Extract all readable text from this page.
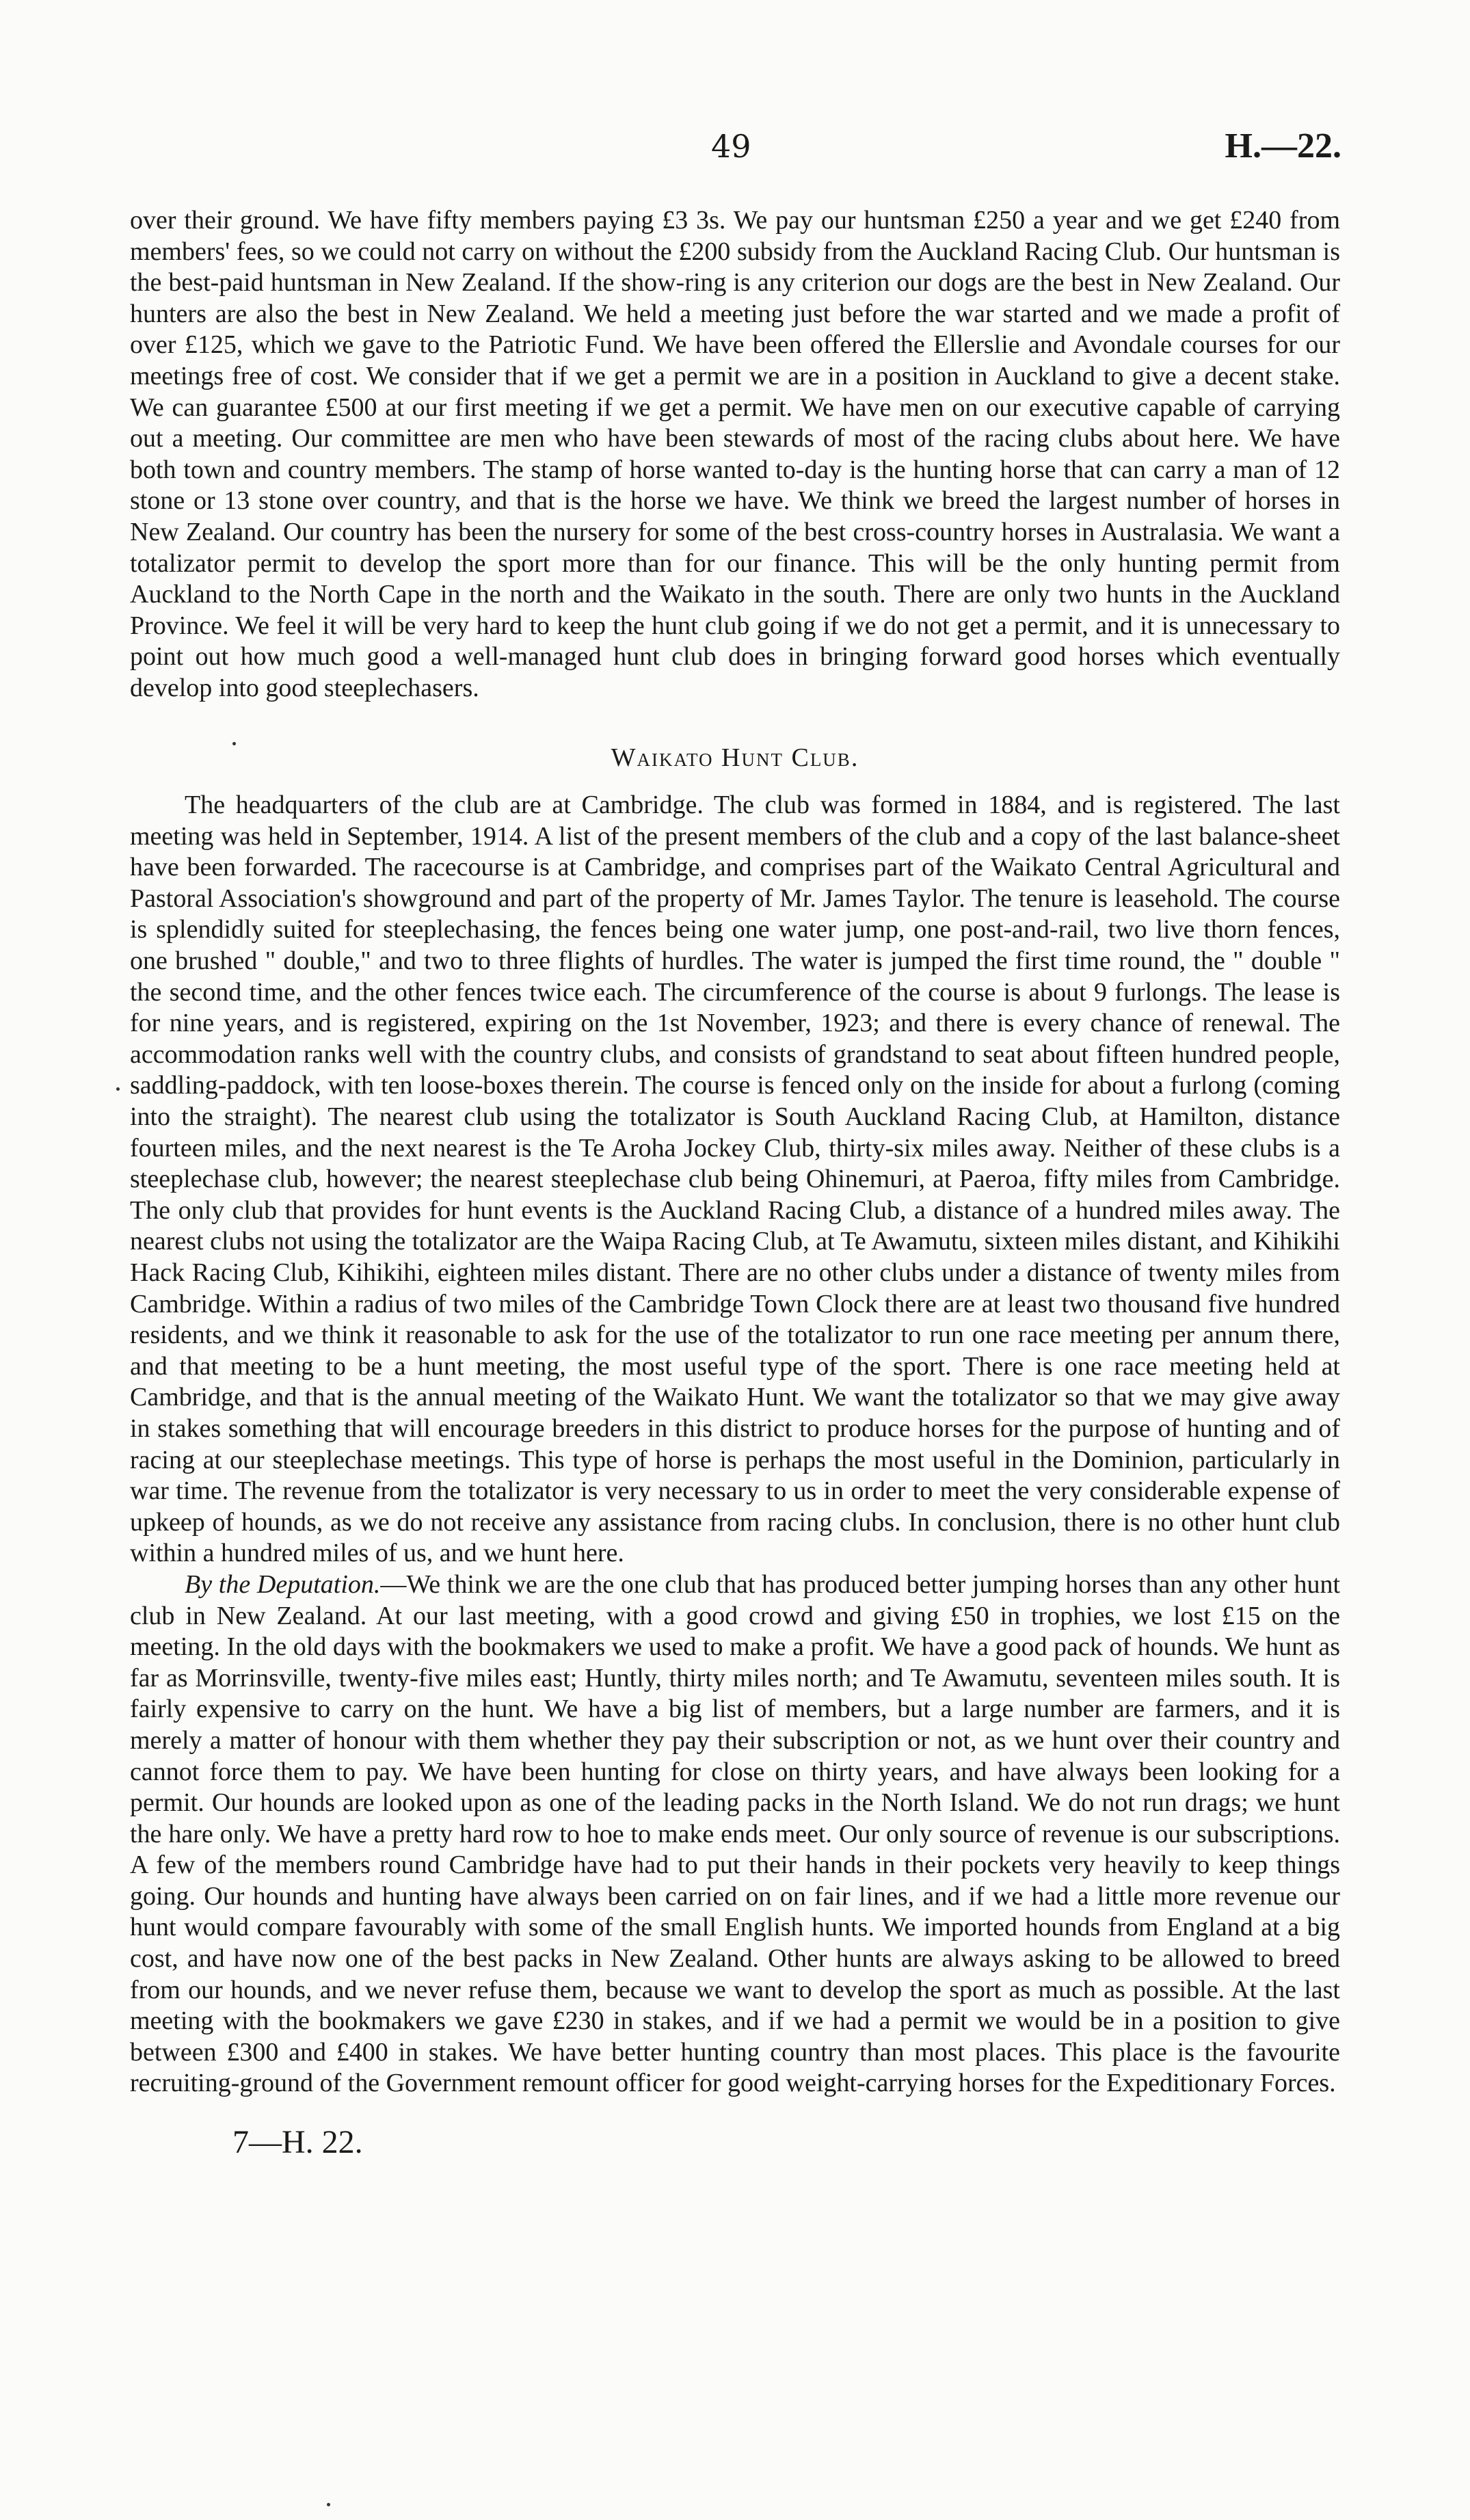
49	H.—22.

over their ground. We have fifty members paying £3 3s. We pay our huntsman £250 a year and we get £240 from members' fees, so we could not carry on without the £200 subsidy from the Auckland Racing Club. Our huntsman is the best-paid huntsman in New Zealand. If the show-ring is any criterion our dogs are the best in New Zealand. Our hunters are also the best in New Zealand. We held a meeting just before the war started and we made a profit of over £125, which we gave to the Patriotic Fund. We have been offered the Ellerslie and Avondale courses for our meetings free of cost. We consider that if we get a permit we are in a position in Auckland to give a decent stake. We can guarantee £500 at our first meeting if we get a permit. We have men on our executive capable of carrying out a meeting. Our committee are men who have been stewards of most of the racing clubs about here. We have both town and country members. The stamp of horse wanted to-day is the hunting horse that can carry a man of 12 stone or 13 stone over country, and that is the horse we have. We think we breed the largest number of horses in New Zealand. Our country has been the nursery for some of the best cross-country horses in Australasia. We want a totalizator permit to develop the sport more than for our finance. This will be the only hunting permit from Auckland to the North Cape in the north and the Waikato in the south. There are only two hunts in the Auckland Province. We feel it will be very hard to keep the hunt club going if we do not get a permit, and it is unnecessary to point out how much good a well-managed hunt club does in bringing forward good horses which eventually develop into good steeplechasers.

Waikato Hunt Club.

The headquarters of the club are at Cambridge. The club was formed in 1884, and is registered. The last meeting was held in September, 1914. A list of the present members of the club and a copy of the last balance-sheet have been forwarded. The racecourse is at Cambridge, and comprises part of the Waikato Central Agricultural and Pastoral Association's showground and part of the property of Mr. James Taylor. The tenure is leasehold. The course is splendidly suited for steeplechasing, the fences being one water jump, one post-and-rail, two live thorn fences, one brushed " double," and two to three flights of hurdles. The water is jumped the first time round, the " double " the second time, and the other fences twice each. The circumference of the course is about 9 furlongs. The lease is for nine years, and is registered, expiring on the 1st November, 1923; and there is every chance of renewal. The accommodation ranks well with the country clubs, and consists of grandstand to seat about fifteen hundred people, saddling-paddock, with ten loose-boxes therein. The course is fenced only on the inside for about a furlong (coming into the straight). The nearest club using the totalizator is South Auckland Racing Club, at Hamilton, distance fourteen miles, and the next nearest is the Te Aroha Jockey Club, thirty-six miles away. Neither of these clubs is a steeplechase club, however; the nearest steeplechase club being Ohinemuri, at Paeroa, fifty miles from Cambridge. The only club that provides for hunt events is the Auckland Racing Club, a distance of a hundred miles away. The nearest clubs not using the totalizator are the Waipa Racing Club, at Te Awamutu, sixteen miles distant, and Kihikihi Hack Racing Club, Kihikihi, eighteen miles distant. There are no other clubs under a distance of twenty miles from Cambridge. Within a radius of two miles of the Cambridge Town Clock there are at least two thousand five hundred residents, and we think it reasonable to ask for the use of the totalizator to run one race meeting per annum there, and that meeting to be a hunt meeting, the most useful type of the sport. There is one race meeting held at Cambridge, and that is the annual meeting of the Waikato Hunt. We want the totalizator so that we may give away in stakes something that will encourage breeders in this district to produce horses for the purpose of hunting and of racing at our steeplechase meetings. This type of horse is perhaps the most useful in the Dominion, particularly in war time. The revenue from the totalizator is very necessary to us in order to meet the very considerable expense of upkeep of hounds, as we do not receive any assistance from racing clubs. In conclusion, there is no other hunt club within a hundred miles of us, and we hunt here.

By the Deputation.—We think we are the one club that has produced better jumping horses than any other hunt club in New Zealand. At our last meeting, with a good crowd and giving £50 in trophies, we lost £15 on the meeting. In the old days with the bookmakers we used to make a profit. We have a good pack of hounds. We hunt as far as Morrinsville, twenty-five miles east; Huntly, thirty miles north; and Te Awamutu, seventeen miles south. It is fairly expensive to carry on the hunt. We have a big list of members, but a large number are farmers, and it is merely a matter of honour with them whether they pay their subscription or not, as we hunt over their country and cannot force them to pay. We have been hunting for close on thirty years, and have always been looking for a permit. Our hounds are looked upon as one of the leading packs in the North Island. We do not run drags; we hunt the hare only. We have a pretty hard row to hoe to make ends meet. Our only source of revenue is our subscriptions. A few of the members round Cambridge have had to put their hands in their pockets very heavily to keep things going. Our hounds and hunting have always been carried on on fair lines, and if we had a little more revenue our hunt would compare favourably with some of the small English hunts. We imported hounds from England at a big cost, and have now one of the best packs in New Zealand. Other hunts are always asking to be allowed to breed from our hounds, and we never refuse them, because we want to develop the sport as much as possible. At the last meeting with the bookmakers we gave £230 in stakes, and if we had a permit we would be in a position to give between £300 and £400 in stakes. We have better hunting country than most places. This place is the favourite recruiting-ground of the Government remount officer for good weight-carrying horses for the Expeditionary Forces.

7—H. 22.
